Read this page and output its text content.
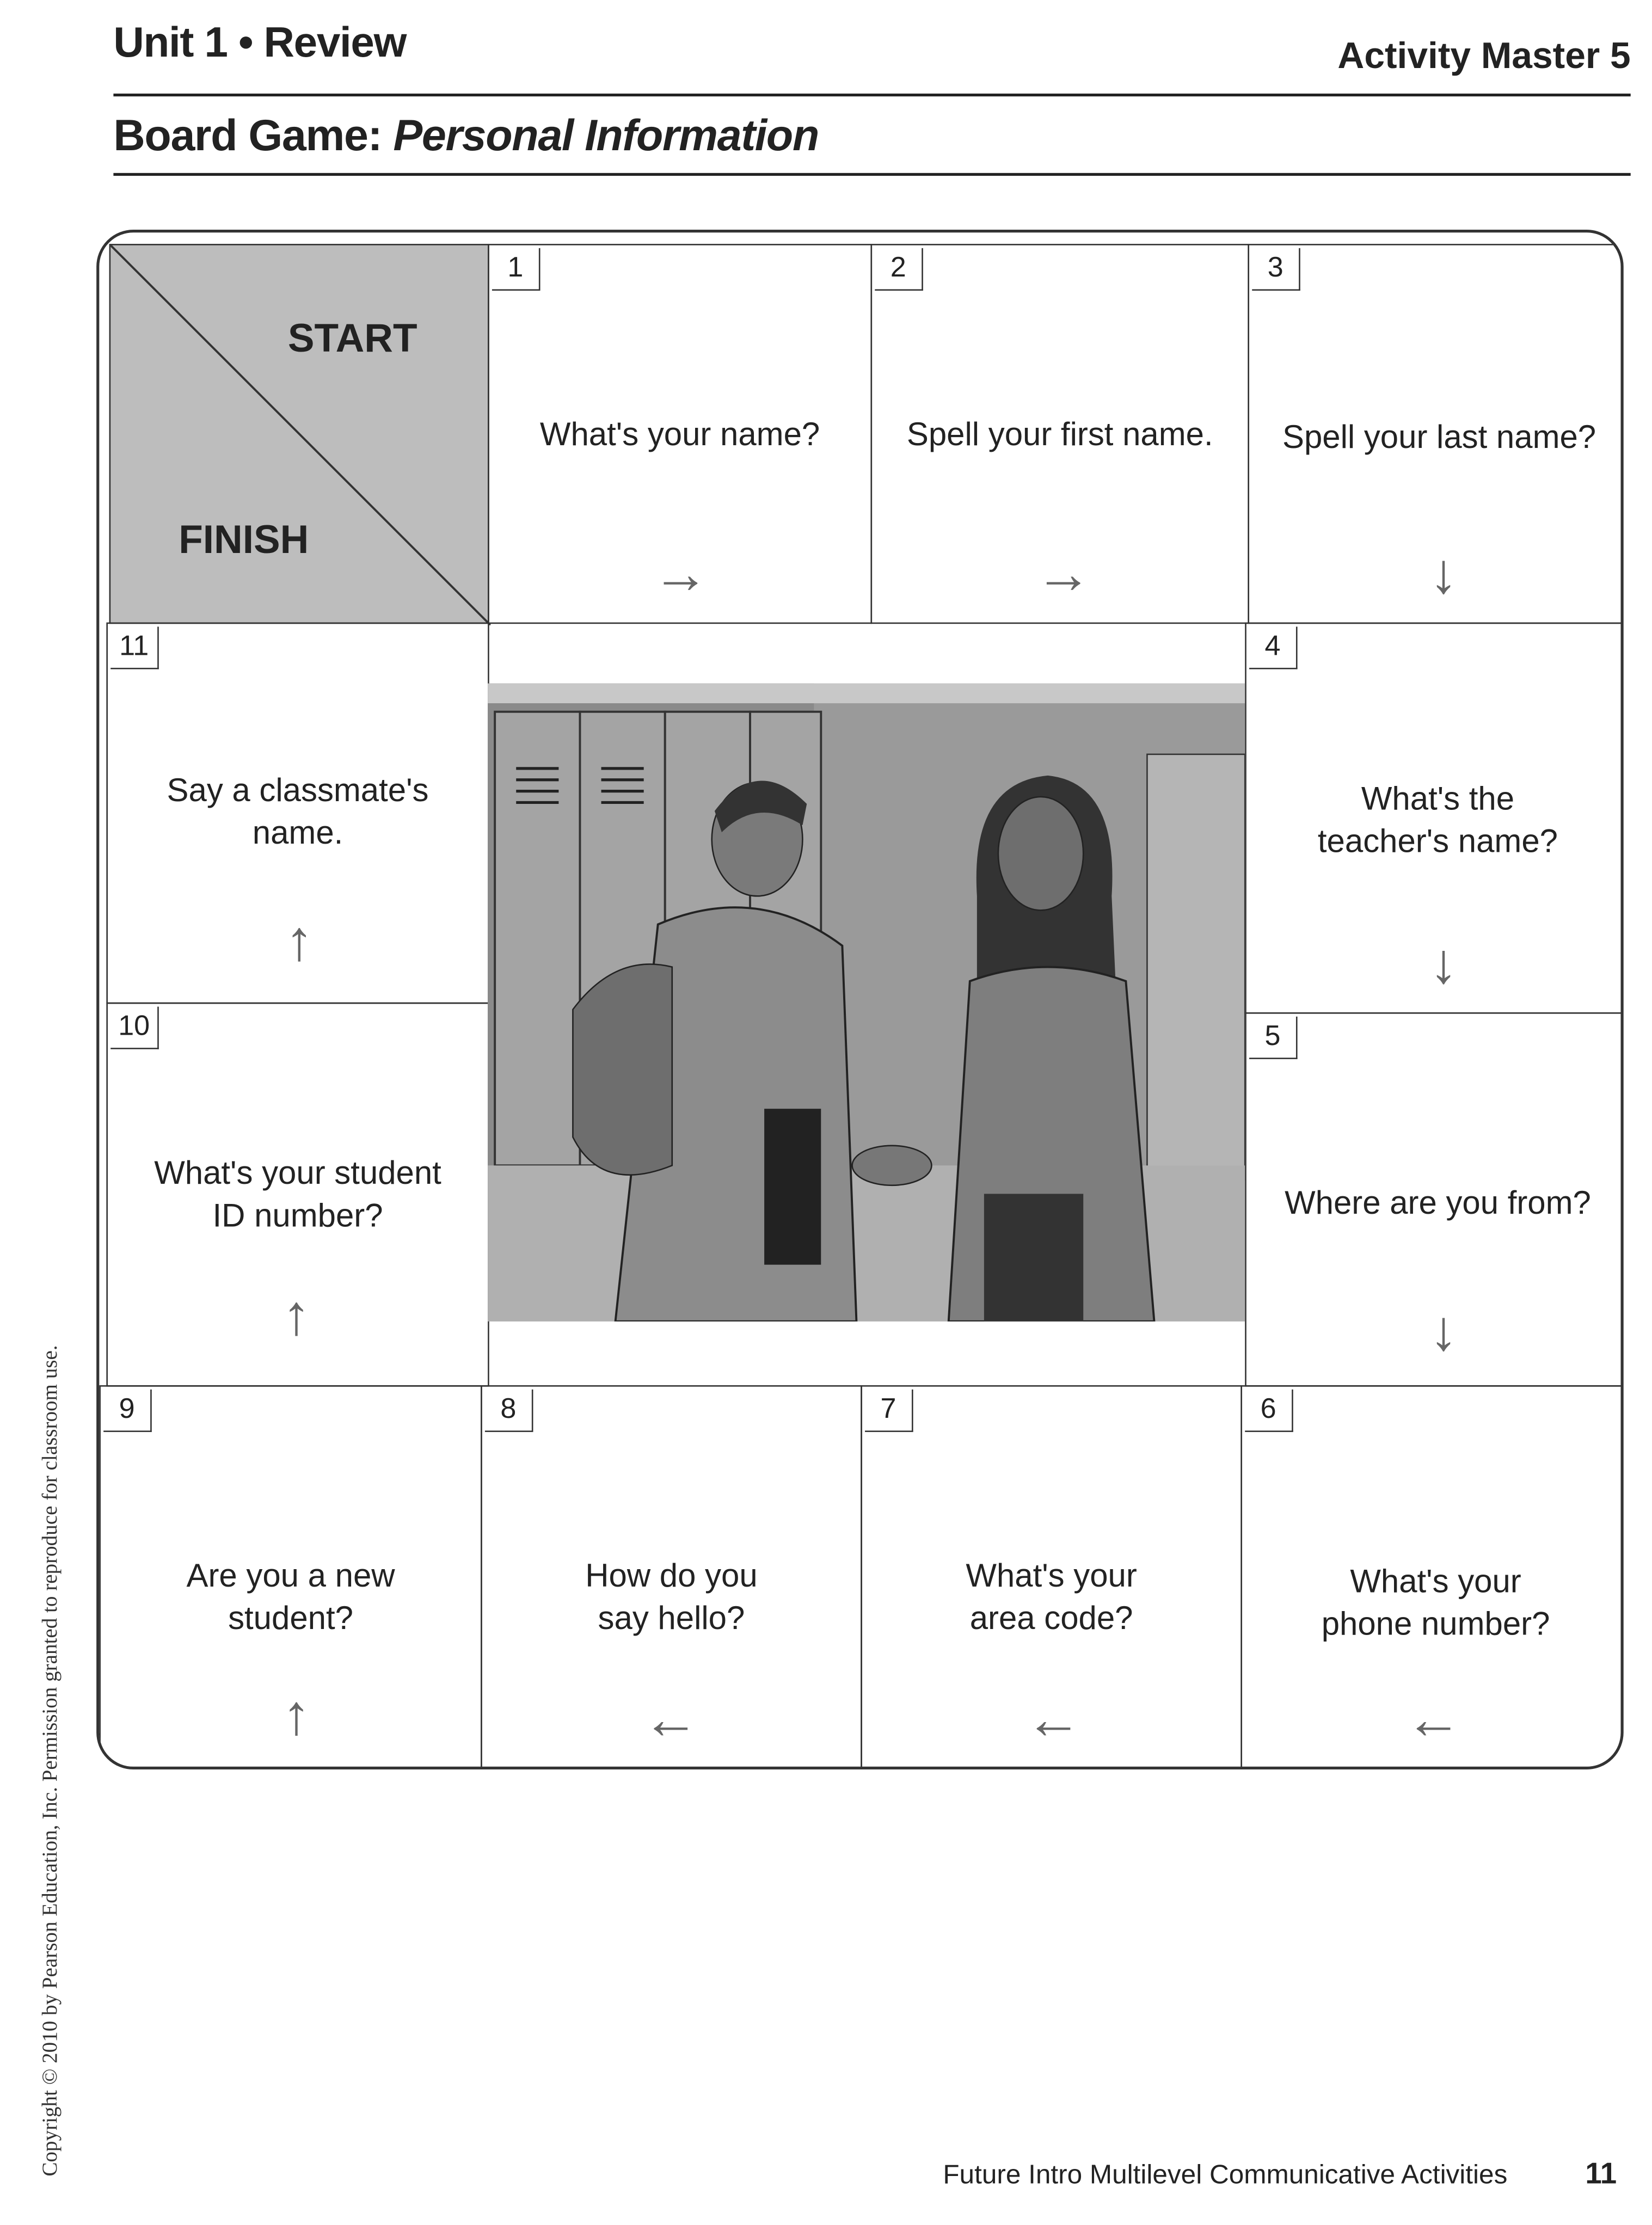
Unit 1 • Review	Activity Master 5
Board Game: Personal Information
START
FINISH
1
What's your name?
→
2
Spell your first name.
→
3
Spell your last name?
↓
4
What's the teacher's name?
↓
5
Where are you from?
↓
6
What's your phone number?
←
7
What's your area code?
←
8
How do you say hello?
←
9
Are you a new student?
↑
10
What's your student ID number?
↑
11
Say a classmate's name.
↑
Copyright © 2010 by Pearson Education, Inc. Permission granted to reproduce for classroom use.	Future Intro Multilevel Communicative Activities	11
